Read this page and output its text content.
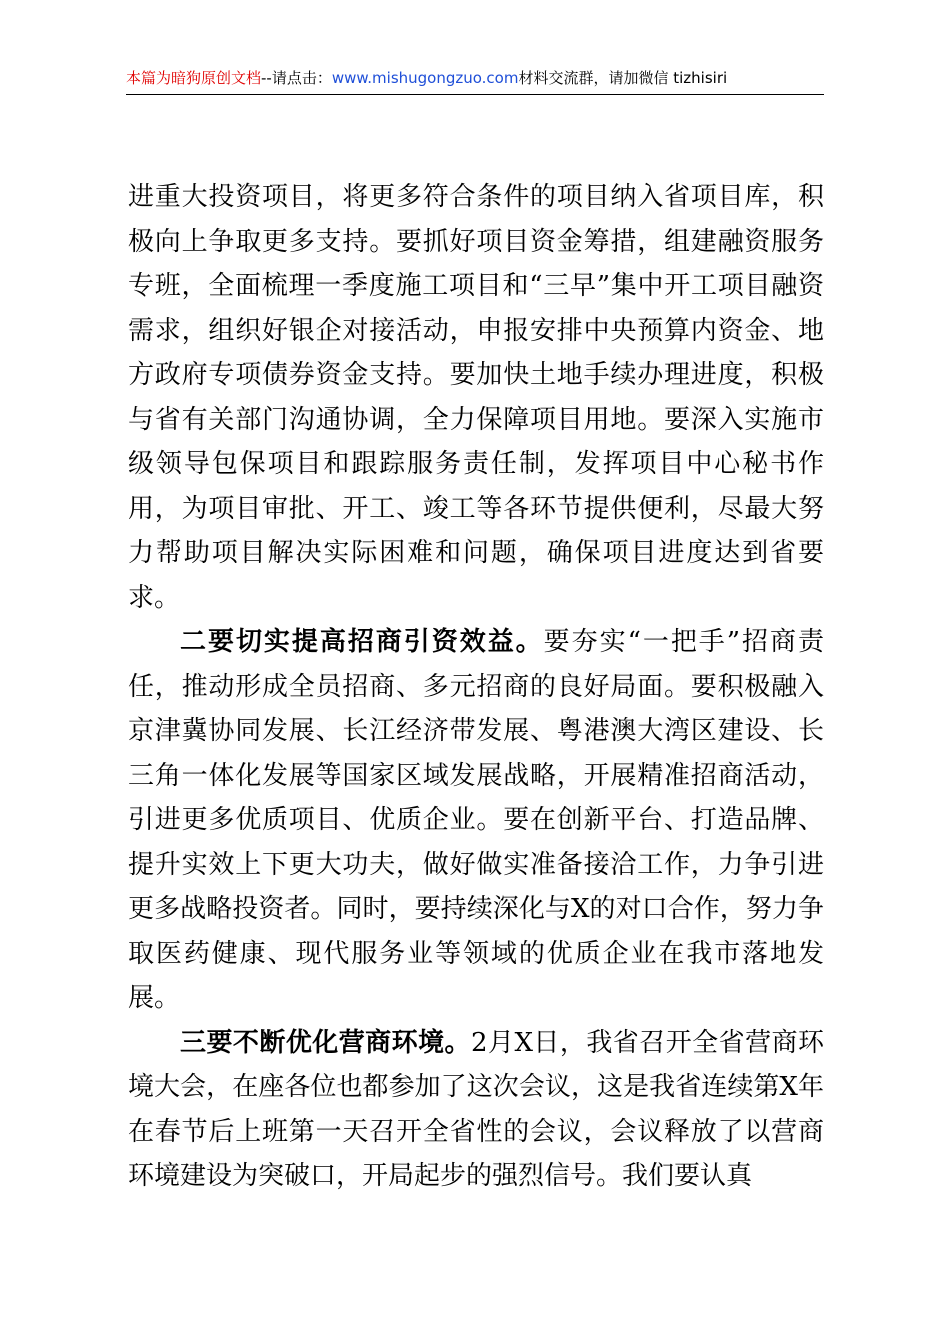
本篇为暗狗原创文档--请点击：www.mishugongzuo.com材料交流群，请加微信 tizhisiri

进重大投资项目，将更多符合条件的项目纳入省项目库，积极向上争取更多支持。要抓好项目资金筹措，组建融资服务专班，全面梳理一季度施工项目和“三早”集中开工项目融资需求，组织好银企对接活动，申报安排中央预算内资金、地方政府专项债券资金支持。要加快土地手续办理进度，积极与省有关部门沟通协调，全力保障项目用地。要深入实施市级领导包保项目和跟踪服务责任制，发挥项目中心秘书作用，为项目审批、开工、竣工等各环节提供便利，尽最大努力帮助项目解决实际困难和问题，确保项目进度达到省要求。

二要切实提高招商引资效益。要夯实“一把手”招商责任，推动形成全员招商、多元招商的良好局面。要积极融入京津冀协同发展、长江经济带发展、粤港澳大湾区建设、长三角一体化发展等国家区域发展战略，开展精准招商活动，引进更多优质项目、优质企业。要在创新平台、打造品牌、提升实效上下更大功夫，做好做实准备接洽工作，力争引进更多战略投资者。同时，要持续深化与X的对口合作，努力争取医药健康、现代服务业等领域的优质企业在我市落地发展。

三要不断优化营商环境。2月X日，我省召开全省营商环境大会，在座各位也都参加了这次会议，这是我省连续第X年在春节后上班第一天召开全省性的会议，会议释放了以营商环境建设为突破口，开局起步的强烈信号。我们要认真
